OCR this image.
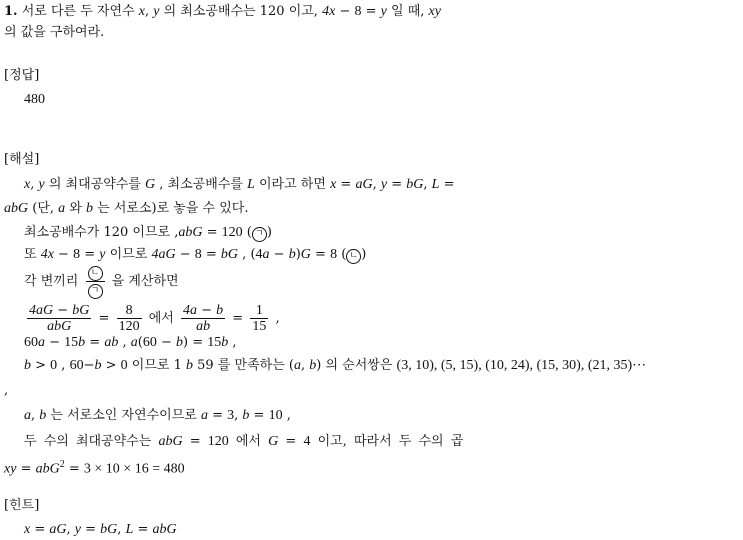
1. 서로 다른 두 자연수 x, y 의 최소공배수는 120 이고, 4x − 8 = y 일 때, xy
의 값을 구하여라.
[정답]
480
[해설]
x, y 의 최대공약수를 G , 최소공배수를 L 이라고 하면 x = aG, y = bG, L =
abG (단, a 와 b 는 서로소)로 놓을 수 있다.
최소공배수가 120 이므로 ,abG = 120 ( ㄱ )
또 4x − 8 = y 이므로 4aG − 8 = bG , (4a − b)G = 8 ( ㄴ )
각 변끼리 $\frac{\text{ㄴ}}{\text{ㄱ}}$ 을 계산하면
$\frac{4aG - bG}{\text{abG}} = \frac{8}{120}$ 에서 $\frac{4a - b}{ab} = \frac{1}{15}$ ,
60a − 15b = ab , a(60 − b) = 15b ,
b > 0 , 60−b > 0 이므로 1 b 59 를 만족하는 (a, b) 의 순서쌍은 (3, 10), (5, 15), (10, 24), (15, 30), (21, 35)⋯
,
a, b 는 서로소인 자연수이므로 a = 3, b = 10 ,
두 수의 최대공약수는 abG = 120 에서 G = 4 이고, 따라서 두 수의 곱
xy = abG$^2$ = 3 × 10 × 16 = 480
[힌트]
x = aG, y = bG, L = abG
